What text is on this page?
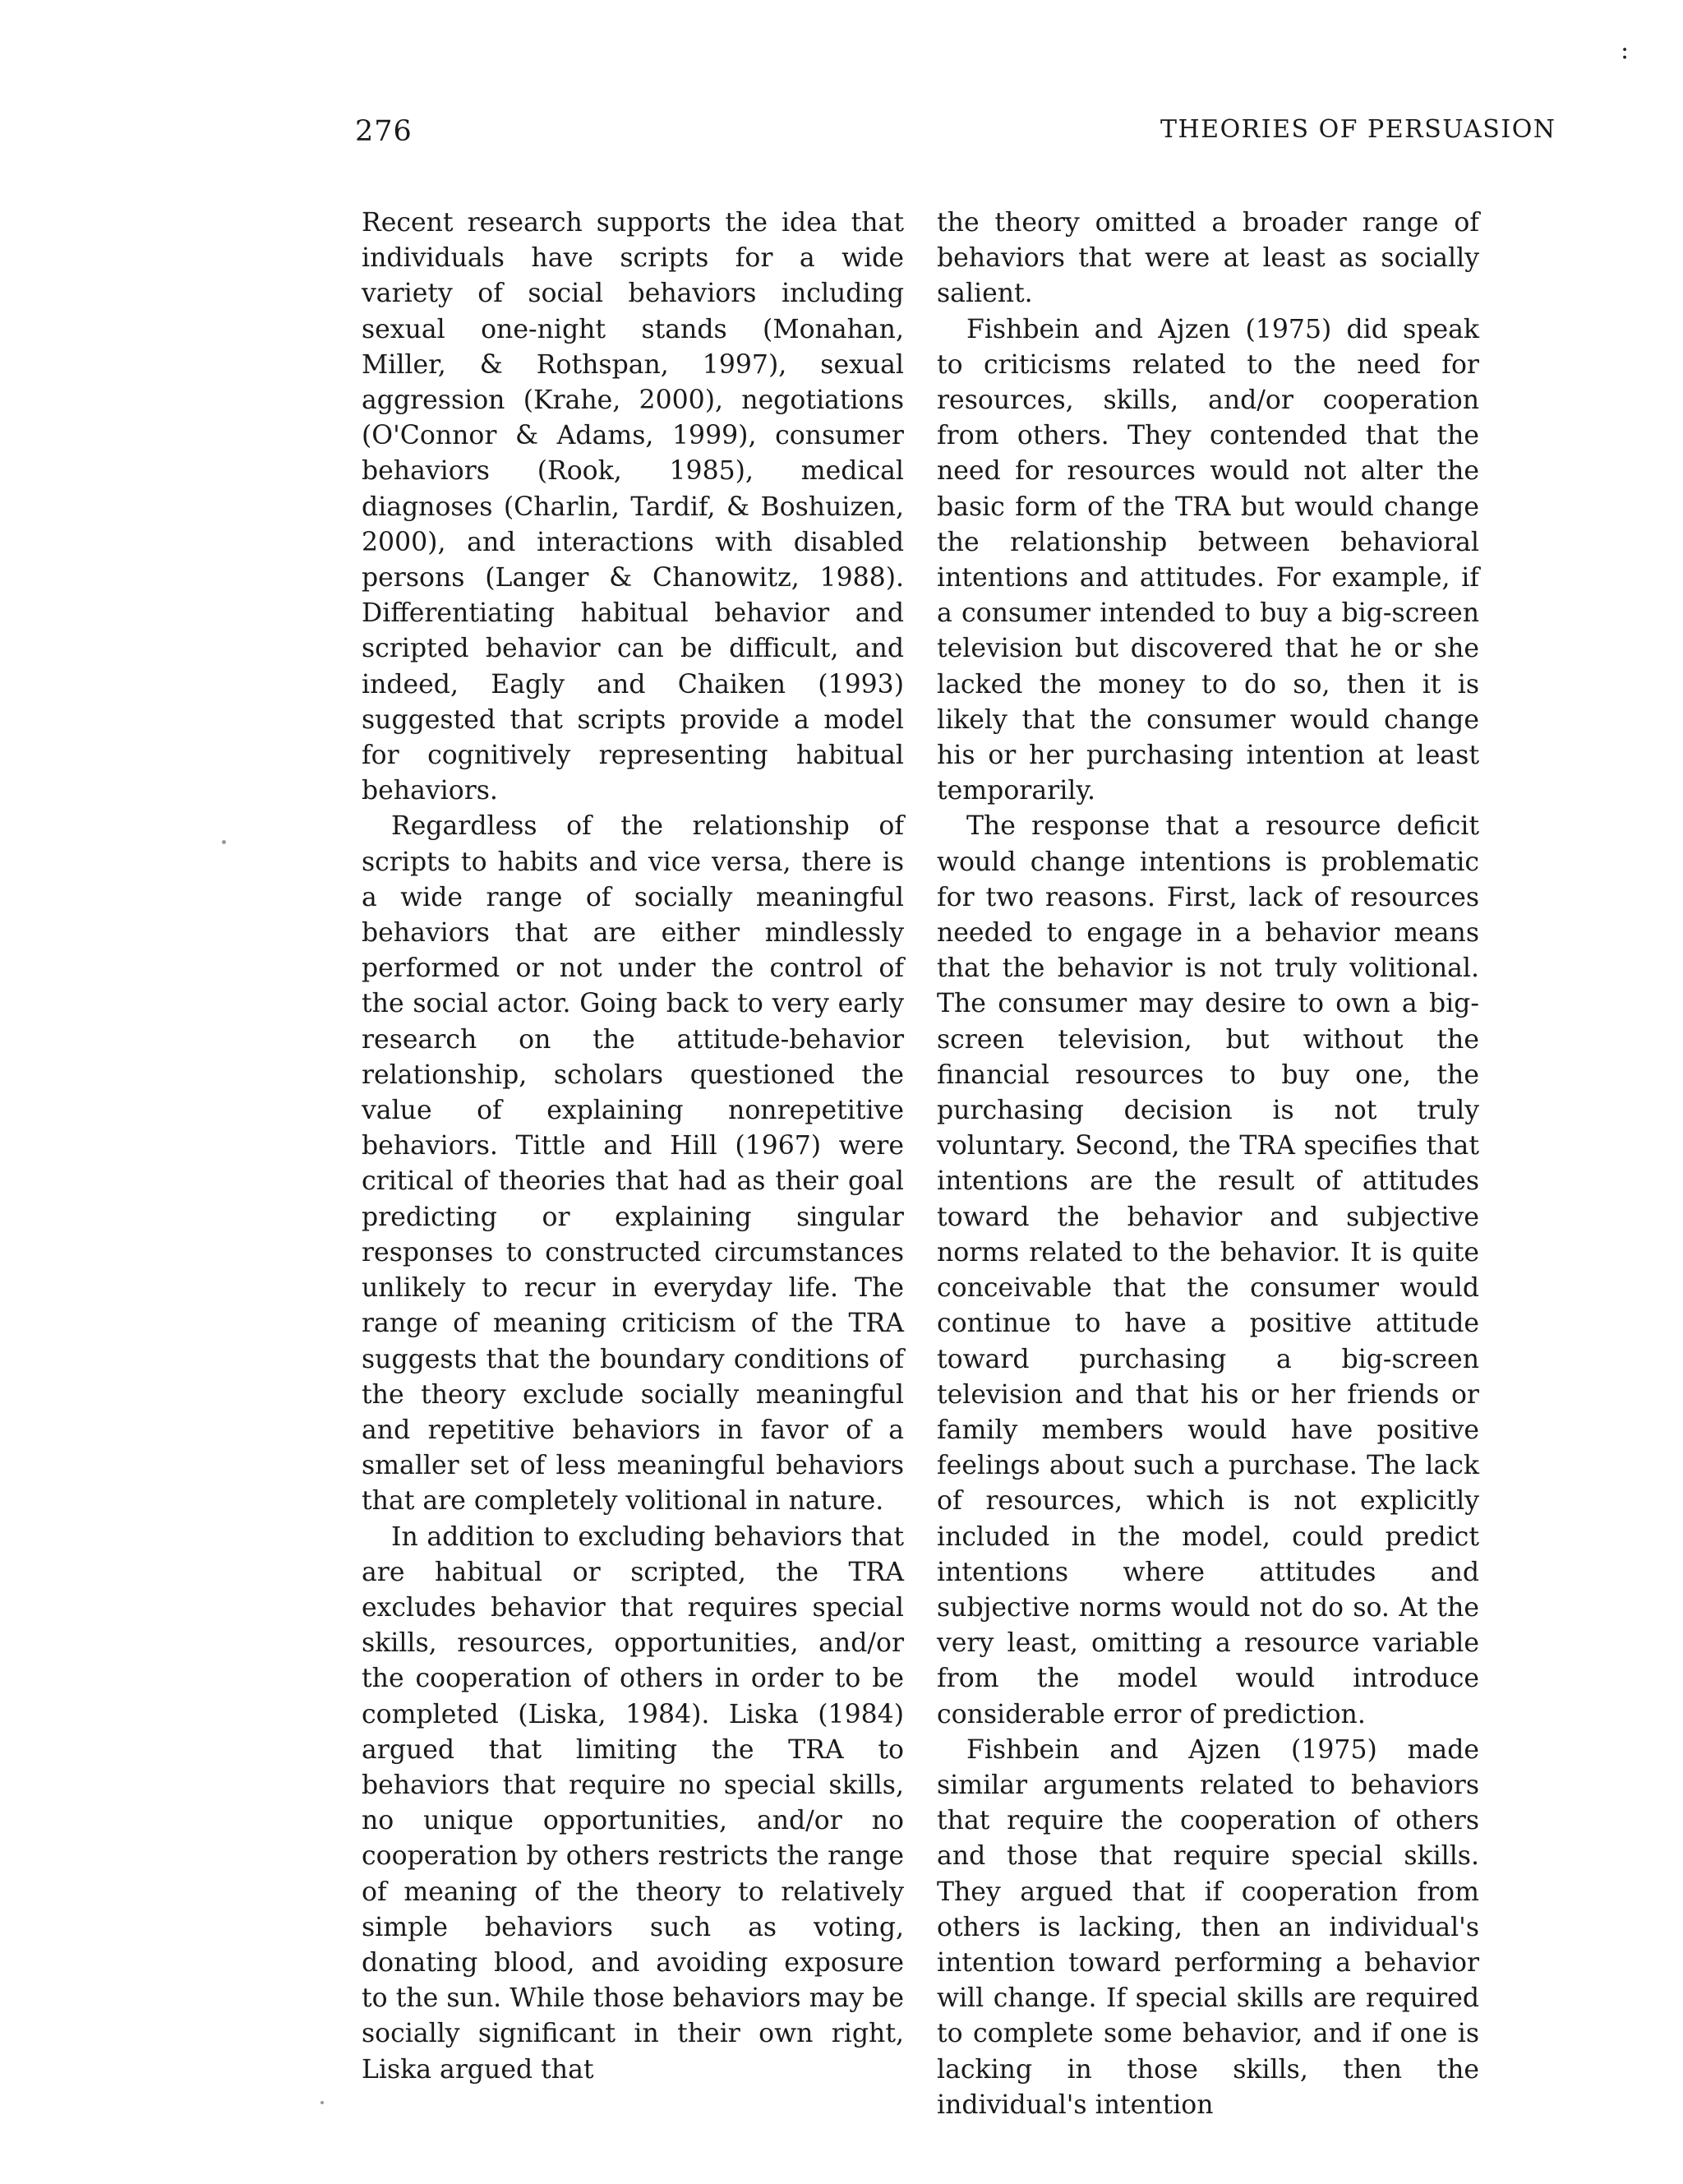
:
276	THEORIES OF PERSUASION

Recent research supports the idea that individuals have scripts for a wide variety of social behaviors including sexual one-night stands (Monahan, Miller, & Rothspan, 1997), sexual aggression (Krahe, 2000), negotiations (O'Connor & Adams, 1999), consumer behaviors (Rook, 1985), medical diagnoses (Charlin, Tardif, & Boshuizen, 2000), and interactions with disabled persons (Langer & Chanowitz, 1988). Differentiating habitual behavior and scripted behavior can be difficult, and indeed, Eagly and Chaiken (1993) suggested that scripts provide a model for cognitively representing habitual behaviors.

Regardless of the relationship of scripts to habits and vice versa, there is a wide range of socially meaningful behaviors that are either mindlessly performed or not under the control of the social actor. Going back to very early research on the attitude-behavior relationship, scholars questioned the value of explaining nonrepetitive behaviors. Tittle and Hill (1967) were critical of theories that had as their goal predicting or explaining singular responses to constructed circumstances unlikely to recur in everyday life. The range of meaning criticism of the TRA suggests that the boundary conditions of the theory exclude socially meaningful and repetitive behaviors in favor of a smaller set of less meaningful behaviors that are completely volitional in nature.

In addition to excluding behaviors that are habitual or scripted, the TRA excludes behavior that requires special skills, resources, opportunities, and/or the cooperation of others in order to be completed (Liska, 1984). Liska (1984) argued that limiting the TRA to behaviors that require no special skills, no unique opportunities, and/or no cooperation by others restricts the range of meaning of the theory to relatively simple behaviors such as voting, donating blood, and avoiding exposure to the sun. While those behaviors may be socially significant in their own right, Liska argued that

the theory omitted a broader range of behaviors that were at least as socially salient.

Fishbein and Ajzen (1975) did speak to criticisms related to the need for resources, skills, and/or cooperation from others. They contended that the need for resources would not alter the basic form of the TRA but would change the relationship between behavioral intentions and attitudes. For example, if a consumer intended to buy a big-screen television but discovered that he or she lacked the money to do so, then it is likely that the consumer would change his or her purchasing intention at least temporarily.

The response that a resource deficit would change intentions is problematic for two reasons. First, lack of resources needed to engage in a behavior means that the behavior is not truly volitional. The consumer may desire to own a big-screen television, but without the financial resources to buy one, the purchasing decision is not truly voluntary. Second, the TRA specifies that intentions are the result of attitudes toward the behavior and subjective norms related to the behavior. It is quite conceivable that the consumer would continue to have a positive attitude toward purchasing a big-screen television and that his or her friends or family members would have positive feelings about such a purchase. The lack of resources, which is not explicitly included in the model, could predict intentions where attitudes and subjective norms would not do so. At the very least, omitting a resource variable from the model would introduce considerable error of prediction.

Fishbein and Ajzen (1975) made similar arguments related to behaviors that require the cooperation of others and those that require special skills. They argued that if cooperation from others is lacking, then an individual's intention toward performing a behavior will change. If special skills are required to complete some behavior, and if one is lacking in those skills, then the individual's intention
